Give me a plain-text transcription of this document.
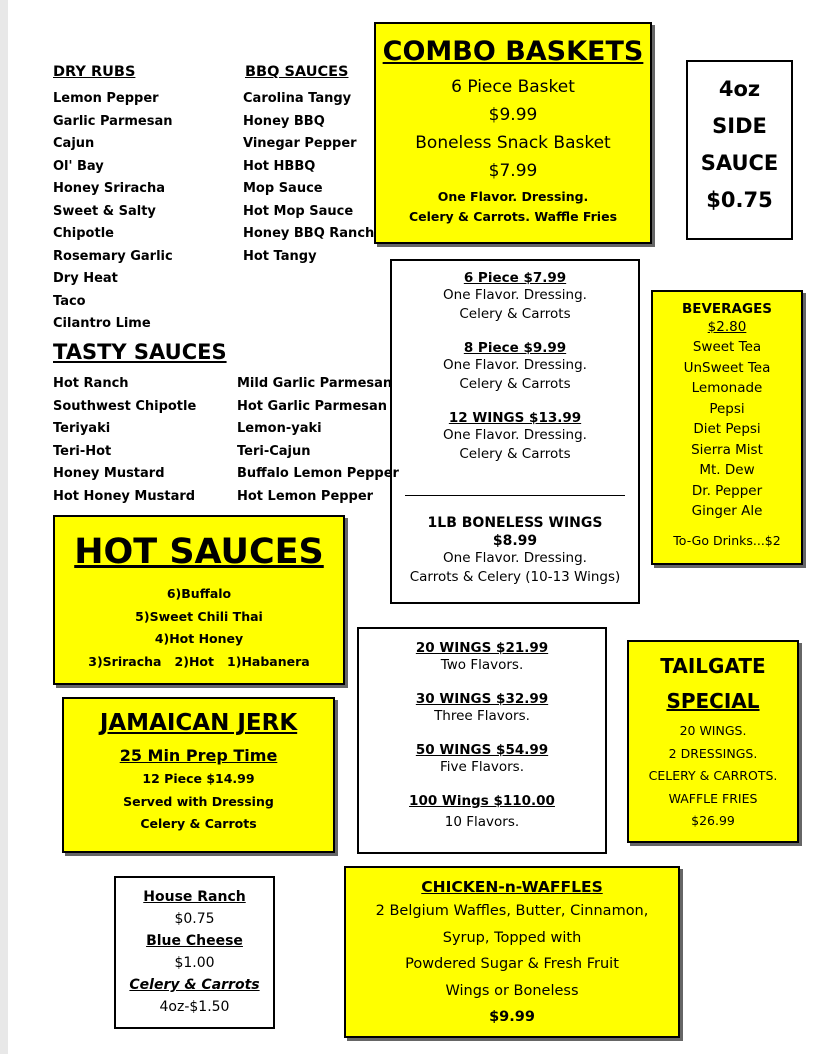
DRY RUBS
Lemon Pepper
Garlic Parmesan
Cajun
Ol' Bay
Honey Sriracha
Sweet & Salty
Chipotle
Rosemary Garlic
Dry Heat
Taco
Cilantro Lime
BBQ SAUCES
Carolina Tangy
Honey BBQ
Vinegar Pepper
Hot HBBQ
Mop Sauce
Hot Mop Sauce
Honey BBQ Ranch
Hot Tangy
TASTY SAUCES
Hot Ranch
Southwest Chipotle
Teriyaki
Teri-Hot
Honey Mustard
Hot Honey Mustard
Mild Garlic Parmesan
Hot Garlic Parmesan
Lemon-yaki
Teri-Cajun
Buffalo Lemon Pepper
Hot Lemon Pepper
COMBO BASKETS
6 Piece Basket
$9.99
Boneless Snack Basket
$7.99
One Flavor. Dressing.
Celery & Carrots. Waffle Fries
4oz
SIDE
SAUCE
$0.75
6 Piece $7.99
One Flavor. Dressing.
Celery & Carrots
8 Piece $9.99
One Flavor. Dressing.
Celery & Carrots
12 WINGS $13.99
One Flavor. Dressing.
Celery & Carrots
1LB BONELESS WINGS
$8.99
One Flavor. Dressing.
Carrots & Celery (10-13 Wings)
BEVERAGES
$2.80
Sweet Tea
UnSweet Tea
Lemonade
Pepsi
Diet Pepsi
Sierra Mist
Mt. Dew
Dr. Pepper
Ginger Ale
To-Go Drinks...$2
HOT SAUCES
6)Buffalo
5)Sweet Chili Thai
4)Hot Honey
3)Sriracha 2)Hot 1)Habanera
20 WINGS $21.99
Two Flavors.
30 WINGS $32.99
Three Flavors.
50 WINGS $54.99
Five Flavors.
100 Wings $110.00
10 Flavors.
TAILGATE
SPECIAL
20 WINGS.
2 DRESSINGS.
CELERY & CARROTS.
WAFFLE FRIES
$26.99
JAMAICAN JERK
25 Min Prep Time
12 Piece $14.99
Served with Dressing
Celery & Carrots
House Ranch
$0.75
Blue Cheese
$1.00
Celery & Carrots
4oz-$1.50
CHICKEN-n-WAFFLES
2 Belgium Waffles, Butter, Cinnamon,
Syrup, Topped with
Powdered Sugar & Fresh Fruit
Wings or Boneless
$9.99
